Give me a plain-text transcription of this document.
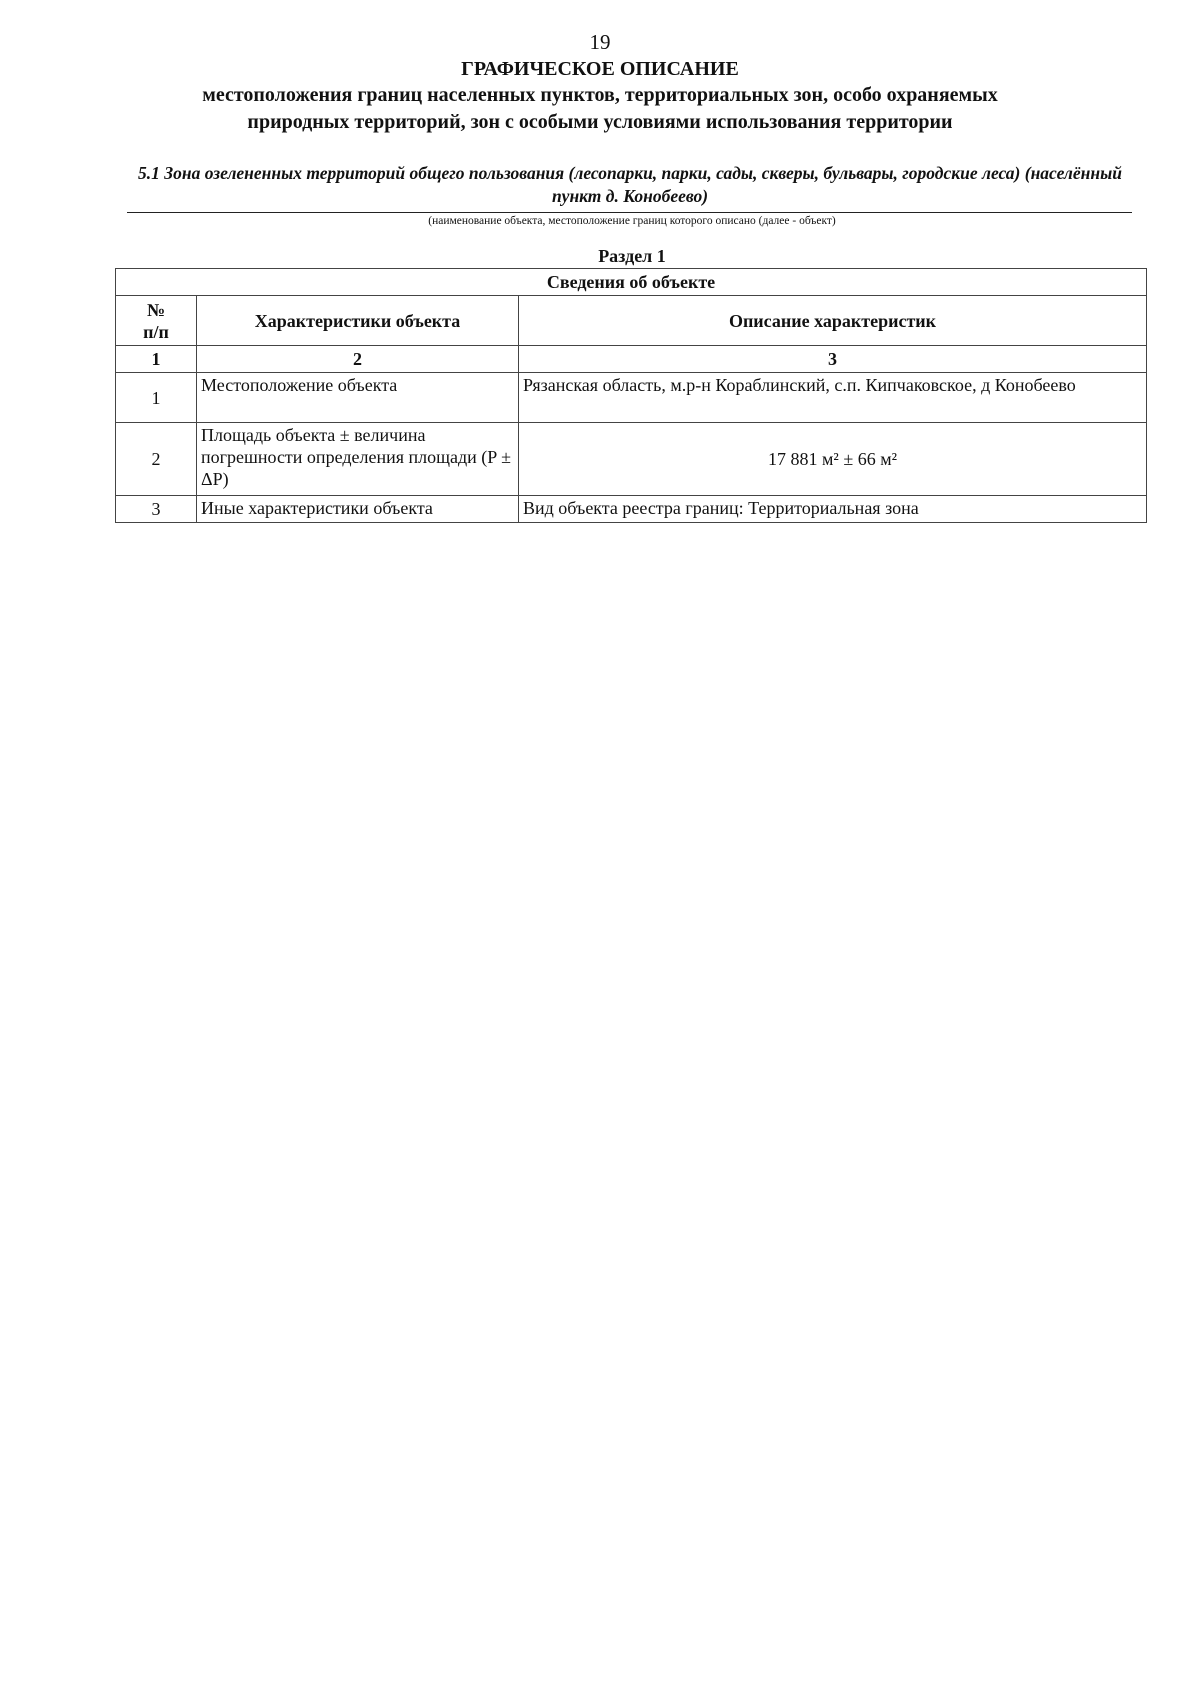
19
ГРАФИЧЕСКОЕ ОПИСАНИЕ
местоположения границ населенных пунктов, территориальных зон, особо охраняемых природных территорий, зон с особыми условиями использования территории
5.1 Зона озелененных территорий общего пользования (лесопарки, парки, сады, скверы, бульвары, городские леса) (населённый пункт д. Конобеево)
(наименование объекта, местоположение границ которого описано (далее - объект)
Раздел 1
Сведения об объекте		

№
п/п	Характеристики объекта	Описание характеристик
1	2	3
1	Местоположение объекта	Рязанская область, м.р-н Кораблинский, с.п. Кипчаковское, д Конобеево
2	Площадь объекта ± величина погрешности определения площади (P ± ΔP)	17 881 м² ± 66 м²
3	Иные характеристики объекта	Вид объекта реестра границ: Территориальная зона
